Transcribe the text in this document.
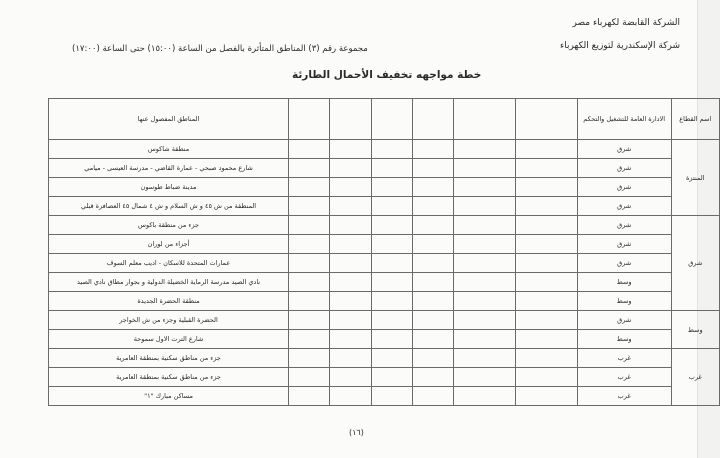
الشركة القابضة لكهرباء مصر
شركة الإسكندرية لتوزيع الكهرباء
مجموعة رقم (٣) المناطق المتأثرة بالفصل من الساعة (١٥:٠٠) حتى الساعة (١٧:٠٠)
خطة مواجهه تخفيف الأحمال الطارئة
اسم القطاع	الادارة العامة للتشغيل والتحكم							المناطق المفصول عنها
المنتزة	شرق							منطقة شاكوس
	شرق							شارع محمود صبحي - عمارة القاضي - مدرسة العيسى - ميامي
	شرق							مدينة ضباط طوسون
	شرق							المنطقة من ش ٤٥ و ش السلام و ش ٤ شمال ٤٥ العصافرة قبلي
شرق	شرق							جزء من منطقة باكوس
	شرق							أجزاء من لوران
	شرق							عمارات المتحدة للاسكان - اديب معلم السوف
	وسط							نادي الصيد مدرسة الرماية الخضيلة الدولية و بجوار مطاق نادي الصيد
	وسط							منطقة الحضرة الجديدة
وسط	شرق							الحضرة القبلية وجزء من ش الخواجر
	وسط							شارع الترت الاول سموحة
غرب	غرب							جزء من مناطق سكنية بمنطقة العامرية
	غرب							جزء من مناطق سكنية بمنطقة العامرية
	غرب							مساكن مبارك "١"
(١٦)
